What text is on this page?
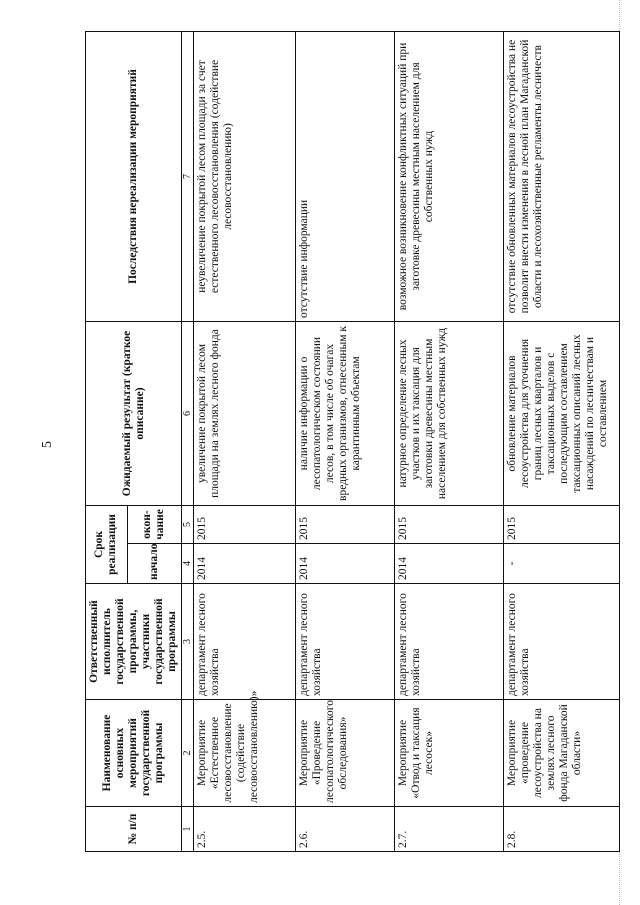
5
№ п/п	Наименование основных мероприятий государственной программы	Ответственный исполнитель государственной программы, участники государственной программы	Срок реализации		Ожидаемый результат (краткое описание)	Последствия нереализации мероприятий
			начало	окон-чание		
1	2	3	4	5	6	7
2.5.	Мероприятие «Естественное лесовосстановление (содействие лесовосстановлению)»	департамент лесного хозяйства	2014	2015	увеличение покрытой лесом площади на землях лесного фонда	неувеличение покрытой лесом площади за счет естественного лесовосстановления (содействие лесовосстановлению)
2.6.	Мероприятие «Проведение лесопатологического обследования»	департамент лесного хозяйства	2014	2015	наличие информации о лесопатологическом состоянии лесов, в том числе об очагах вредных организмов, отнесенным к карантинным объектам	отсутствие информации
2.7.	Мероприятие «Отвод и таксация лесосек»	департамент лесного хозяйства	2014	2015	натурное определение лесных участков и их таксация для заготовки древесины местным населением для собственных нужд	возможное возникновение конфликтных ситуаций при заготовке древесины местным населением для собственных нужд
2.8.	Мероприятие «проведение лесоустройства на землях лесного фонда Магаданской области»	департамент лесного хозяйства	-	2015	обновление материалов лесоустройства для уточнения границ лесных кварталов и таксационных выделов с последующим составлением таксационных описаний лесных насаждений по лесничествам и составлением	отсутствие обновленных материалов лесоустройства не позволит внести изменения в лесной план Магаданской области и лесохозяйственные регламенты лесничеств
